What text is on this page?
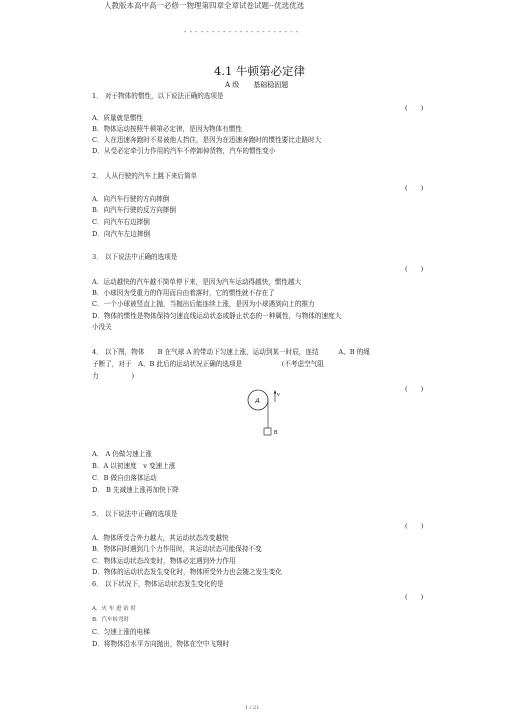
人教版本高中高一必修一物理第四章全章试卷试题--优选优选
- - - - - - - - - - - - - - - - - - - - -
4.1 牛顿第必定律
A 级　　基础稳固题
1． 对于物体的惯性，以下说法正确的选项是
(　　)
A．质量就是惯性
B．物体运动按照牛顿第必定律，是因为物体有惯性
C．人在迅速奔跑时不易被他人挡住，是因为在迅速奔跑时的惯性要比走路时大
D．从受必定牵引力作用的汽车不停卸掉货物，汽车的惯性变小
2． 人从行驶的汽车上跳下来后简单
(　　)
A．向汽车行驶的方向摔倒
B．向汽车行驶的反方向摔倒
C．向汽车右边摔倒
D．向汽车左边摔倒
3． 以下说法中正确的选项是
(　　)
A．运动越快的汽车越不简单停下来，是因为汽车运动得越快，惯性越大
B．小球因为受重力的作用而自由着落时，它的惯性就不存在了
C．一个小球被竖直上抛，当抛出后能连续上涨，是因为小球遇到向上的推力
D．物体的惯性是物体保持匀速直线运动状态或静止状态的一种属性，与物体的速度大
小没关
4． 以下图，物体　　B 在气球 A 的带动下匀速上涨，运动到某一时辰，连结　　　A、B 的绳
子断了，对于　A、B 此后的运动状况正确的选项是　　　　　　(不考虑空气阻
力　　　　　)
(　　)
A
v
B
A． A 仍做匀速上涨
B．A 以初速度　v 变速上涨
C．B 做自由落体运动
D． B 先减速上涨再加快下降
5． 以下说法中正确的选项是
(　　)
A．物体所受合外力越大，其运动状态改变越快
B．物体同时遇到几个力作用时，其运动状态可能保持不变
C．物体运动状态改变时，物体必定遇到外力作用
D．物体的运动状态发生变化时，物体所受外力也会随之发生变化
6． 以下状况下，物体运动状态发生变化的是
(　　)
A．火 车 进 站 时
B．汽车转弯时
C．匀速上涨的电梯
D．将物体沿水平方向抛出，物体在空中飞翔时
1 / 21
